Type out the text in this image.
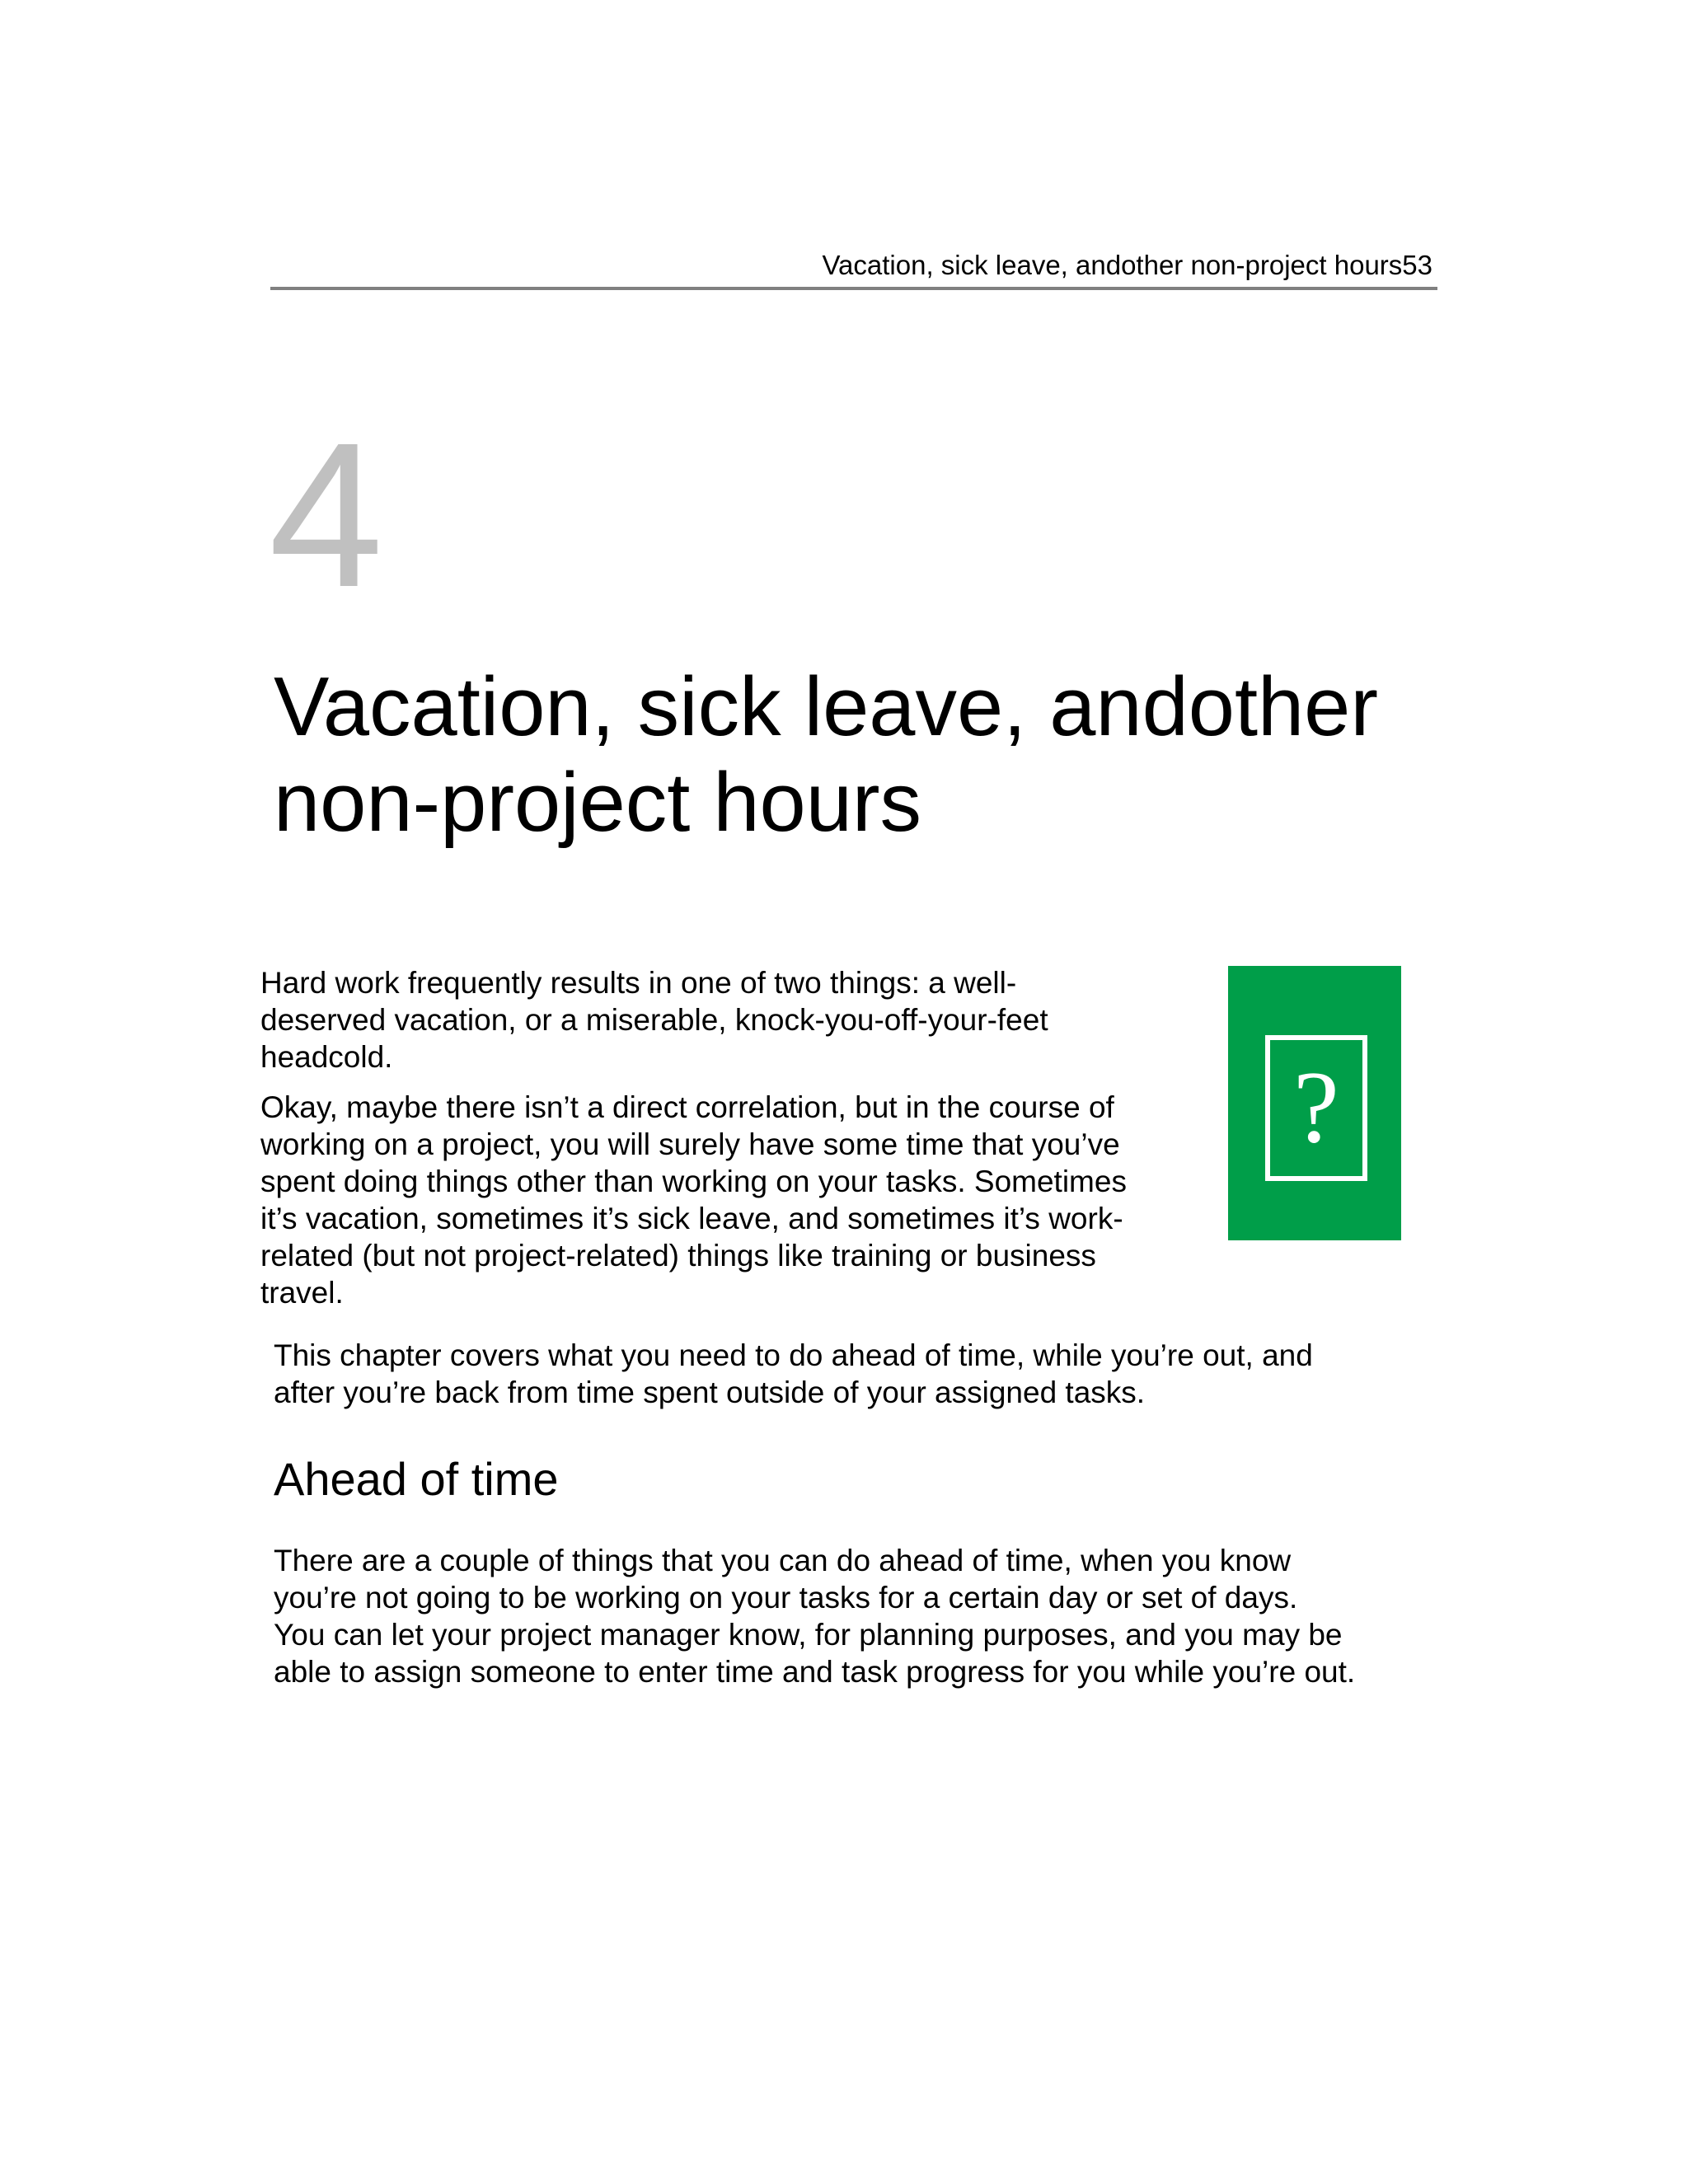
Vacation, sick leave, andother non-project hours53
4
Vacation, sick leave, andother
non-project hours

Hard work frequently results in one of two things: a well-
deserved vacation, or a miserable, knock-you-off-your-feet
headcold.

Okay, maybe there isn’t a direct correlation, but in the course of
working on a project, you will surely have some time that you’ve
spent doing things other than working on your tasks. Sometimes
it’s vacation, sometimes it’s sick leave, and sometimes it’s work-
related (but not project-related) things like training or business
travel.

?

This chapter covers what you need to do ahead of time, while you’re out, and
after you’re back from time spent outside of your assigned tasks.

Ahead of time

There are a couple of things that you can do ahead of time, when you know
you’re not going to be working on your tasks for a certain day or set of days.
You can let your project manager know, for planning purposes, and you may be
able to assign someone to enter time and task progress for you while you’re out.
